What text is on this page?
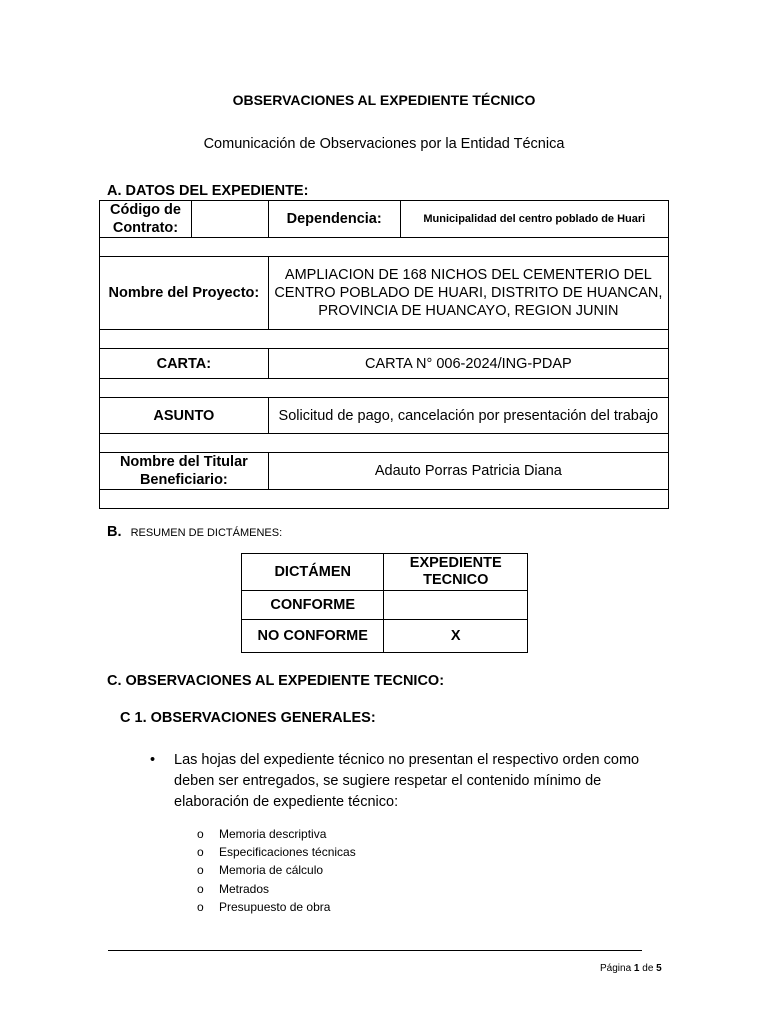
OBSERVACIONES AL EXPEDIENTE TÉCNICO
Comunicación de Observaciones por la Entidad Técnica
A. DATOS DEL EXPEDIENTE:
Código de Contrato:		Dependencia:	Municipalidad del centro poblado de Huari

Nombre del Proyecto:		AMPLIACION DE 168 NICHOS DEL CEMENTERIO DEL CENTRO POBLADO DE HUARI, DISTRITO DE HUANCAN, PROVINCIA DE HUANCAYO, REGION JUNIN	

CARTA:		CARTA N° 006-2024/ING-PDAP	

ASUNTO		Solicitud de pago, cancelación por presentación del trabajo	

Nombre del Titular Beneficiario:		Adauto Porras Patricia Diana	

B. RESUMEN DE DICTÁMENES:
DICTÁMEN	EXPEDIENTE TECNICO
CONFORME	
NO CONFORME	X
C. OBSERVACIONES AL EXPEDIENTE TECNICO:
C 1. OBSERVACIONES GENERALES:
• Las hojas del expediente técnico no presentan el respectivo orden como deben ser entregados, se sugiere respetar el contenido mínimo de elaboración de expediente técnico:
o Memoria descriptiva
o Especificaciones técnicas
o Memoria de cálculo
o Metrados
o Presupuesto de obra
Página 1 de 5
